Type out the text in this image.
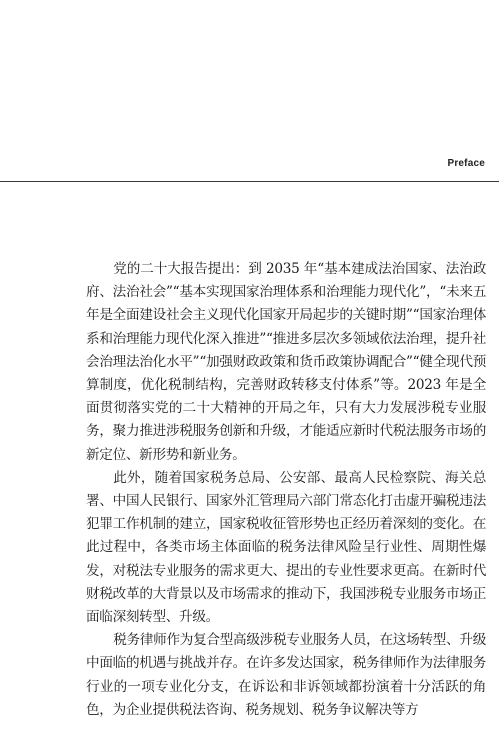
Preface

党的二十大报告提出：到 2035 年“基本建成法治国家、法治政府、法治社会”“基本实现国家治理体系和治理能力现代化”，“未来五年是全面建设社会主义现代化国家开局起步的关键时期”“国家治理体系和治理能力现代化深入推进”“推进多层次多领域依法治理，提升社会治理法治化水平”“加强财政政策和货币政策协调配合”“健全现代预算制度，优化税制结构，完善财政转移支付体系”等。2023 年是全面贯彻落实党的二十大精神的开局之年，只有大力发展涉税专业服务，聚力推进涉税服务创新和升级，才能适应新时代税法服务市场的新定位、新形势和新业务。

此外，随着国家税务总局、公安部、最高人民检察院、海关总署、中国人民银行、国家外汇管理局六部门常态化打击虚开骗税违法犯罪工作机制的建立，国家税收征管形势也正经历着深刻的变化。在此过程中，各类市场主体面临的税务法律风险呈行业性、周期性爆发，对税法专业服务的需求更大、提出的专业性要求更高。在新时代财税改革的大背景以及市场需求的推动下，我国涉税专业服务市场正面临深刻转型、升级。

税务律师作为复合型高级涉税专业服务人员，在这场转型、升级中面临的机遇与挑战并存。在许多发达国家，税务律师作为法律服务行业的一项专业化分支，在诉讼和非诉领域都扮演着十分活跃的角色，为企业提供税法咨询、税务规划、税务争议解决等方
